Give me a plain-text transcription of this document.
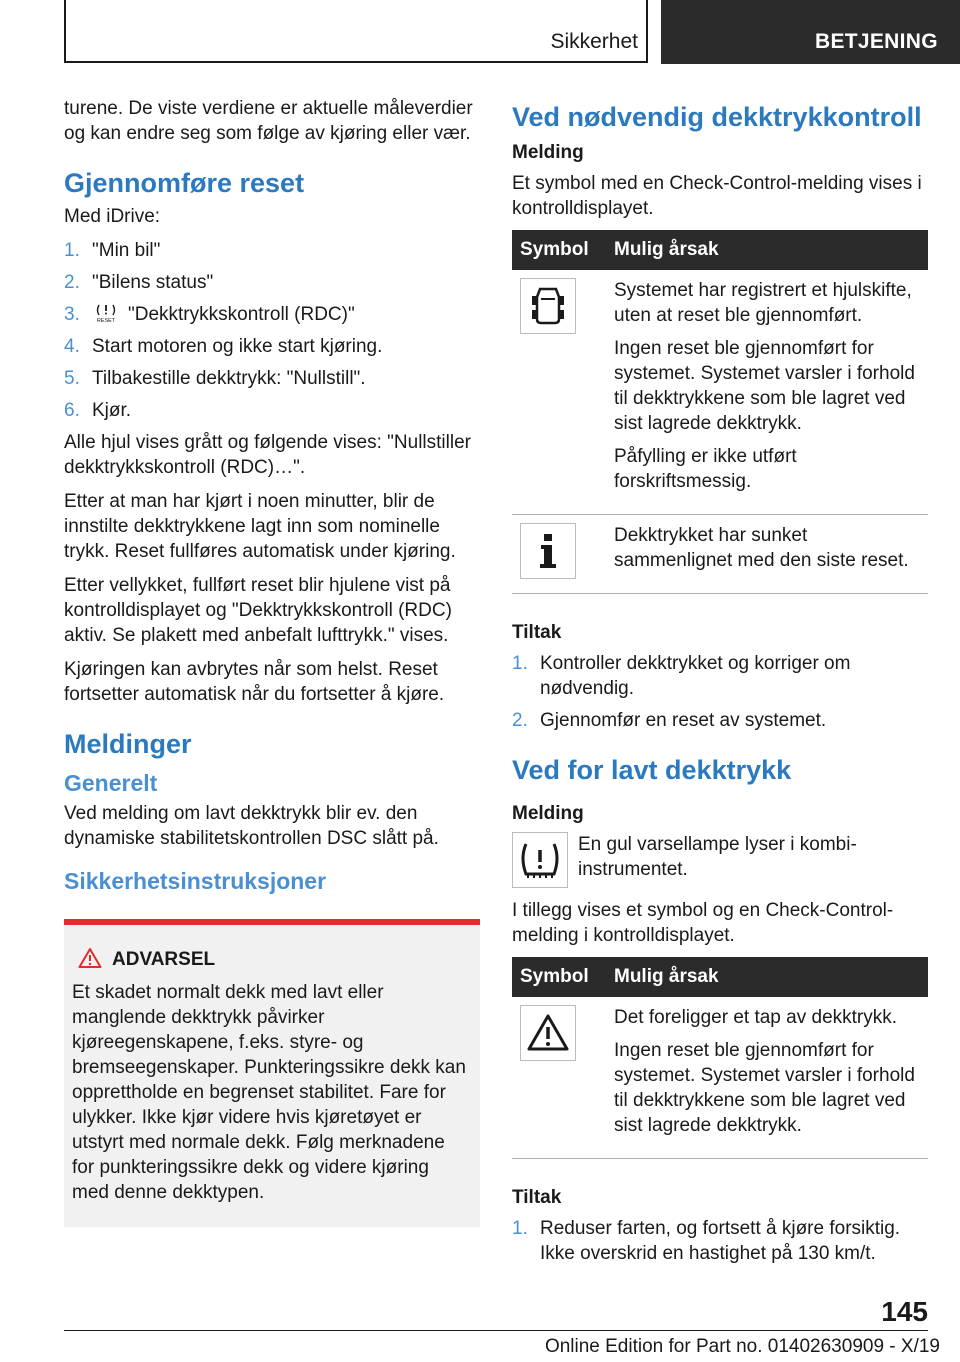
Sikkerhet	BETJENING

turene. De viste verdiene er aktuelle måleverdier og kan endre seg som følge av kjøring eller vær.

Gjennomføre reset

Med iDrive:

1. "Min bil"
2. "Bilens status"
3.	RESET "Dekktrykkskontroll (RDC)"
4. Start motoren og ikke start kjøring.
5. Tilbakestille dekktrykk: "Nullstill".
6. Kjør.

Alle hjul vises grått og følgende vises: "Nullstiller dekktrykkskontroll (RDC)…".

Etter at man har kjørt i noen minutter, blir de innstilte dekktrykkene lagt inn som nominelle trykk. Reset fullføres automatisk under kjøring.

Etter vellykket, fullført reset blir hjulene vist på kontrolldisplayet og "Dekktrykkskontroll (RDC) aktiv. Se plakett med anbefalt lufttrykk." vises.

Kjøringen kan avbrytes når som helst. Reset fortsetter automatisk når du fortsetter å kjøre.

Meldinger
Generelt

Ved melding om lavt dekktrykk blir ev. den dynamiske stabilitetskontrollen DSC slått på.

Sikkerhetsinstruksjoner
ADVARSEL

Et skadet normalt dekk med lavt eller manglende dekktrykk påvirker kjøreegenskapene, f.eks. styre- og bremseegenskaper. Punkteringssikre dekk kan opprettholde en begrenset stabilitet. Fare for ulykker. Ikke kjør videre hvis kjøretøyet er utstyrt med normale dekk. Følg merknadene for punkteringssikre dekk og videre kjøring med denne dekktypen.

Ved nødvendig dekktrykkontroll
Melding

Et symbol med en Check-Control-melding vises i kontrolldisplayet.

Symbol	Mulig årsak

Systemet har registrert et hjulskifte, uten at reset ble gjennomført.

Ingen reset ble gjennomført for systemet. Systemet varsler i forhold til dekktrykkene som ble lagret ved sist lagrede dekktrykk.

Påfylling er ikke utført forskriftsmessig.

Dekktrykket har sunket sammenlignet med den siste reset.

Tiltak
1. Kontroller dekktrykket og korriger om nødvendig.
2. Gjennomfør en reset av systemet.
Ved for lavt dekktrykk
Melding

En gul varsellampe lyser i kombi-instrumentet.

I tillegg vises et symbol og en Check-Control-melding i kontrolldisplayet.

Symbol	Mulig årsak

Det foreligger et tap av dekktrykk.

Ingen reset ble gjennomført for systemet. Systemet varsler i forhold til dekktrykkene som ble lagret ved sist lagrede dekktrykk.

Tiltak
1. Reduser farten, og fortsett å kjøre forsiktig. Ikke overskrid en hastighet på 130 km/t.
145
Online Edition for Part no. 01402630909 - X/19
